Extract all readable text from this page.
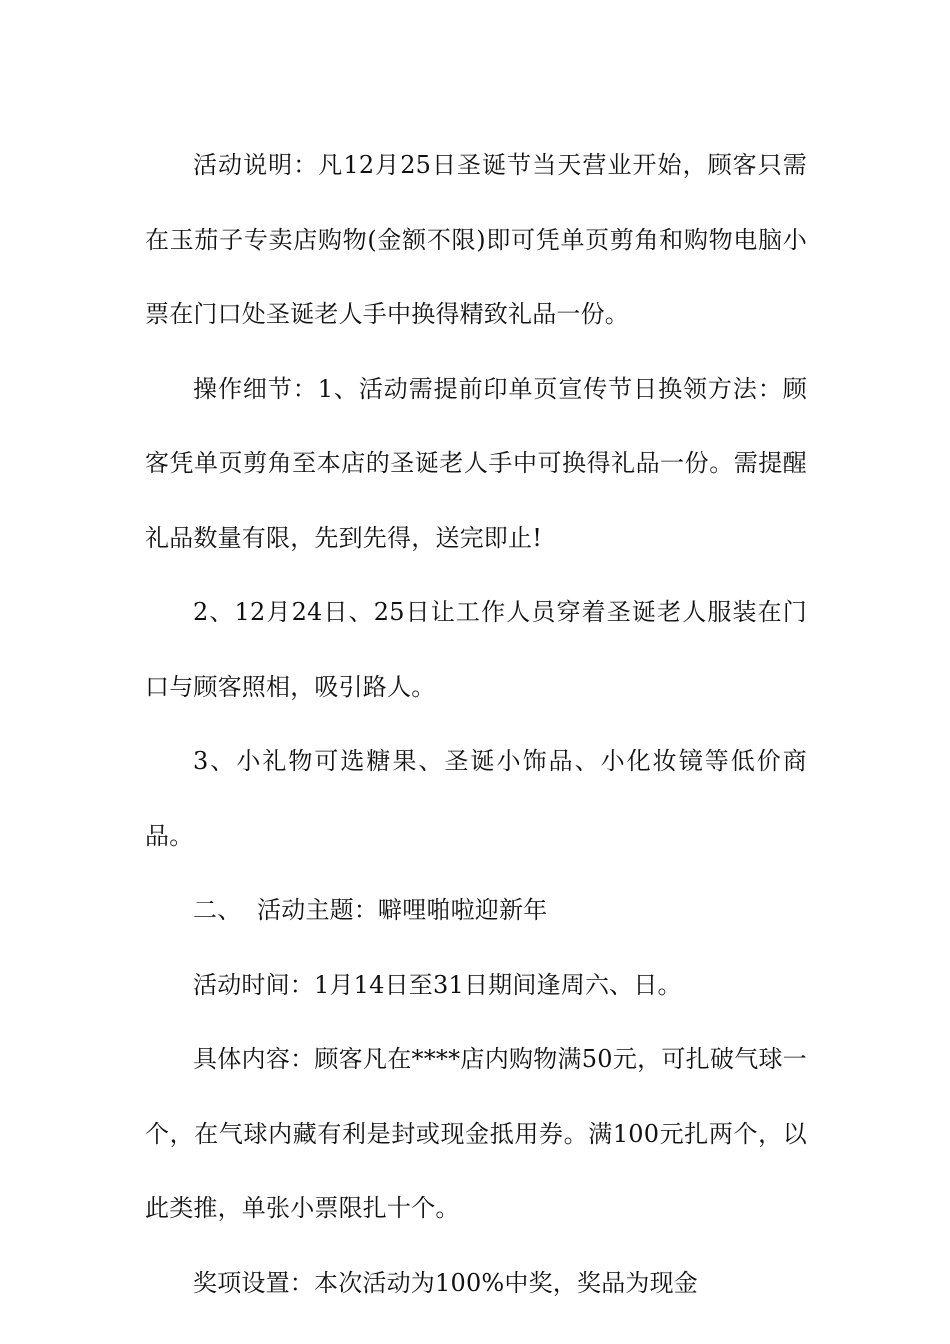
活动说明：凡12月25日圣诞节当天营业开始，顾客只需在玉茄子专卖店购物(金额不限)即可凭单页剪角和购物电脑小票在门口处圣诞老人手中换得精致礼品一份。

操作细节：1、活动需提前印单页宣传节日换领方法：顾客凭单页剪角至本店的圣诞老人手中可换得礼品一份。需提醒礼品数量有限，先到先得，送完即止!

2、12月24日、25日让工作人员穿着圣诞老人服装在门口与顾客照相，吸引路人。

3、小礼物可选糖果、圣诞小饰品、小化妆镜等低价商品。

二、  活动主题：噼哩啪啦迎新年

活动时间：1月14日至31日期间逢周六、日。

具体内容：顾客凡在****店内购物满50元，可扎破气球一个，在气球内藏有利是封或现金抵用券。满100元扎两个，以此类推，单张小票限扎十个。

奖项设置：本次活动为100%中奖，奖品为现金
